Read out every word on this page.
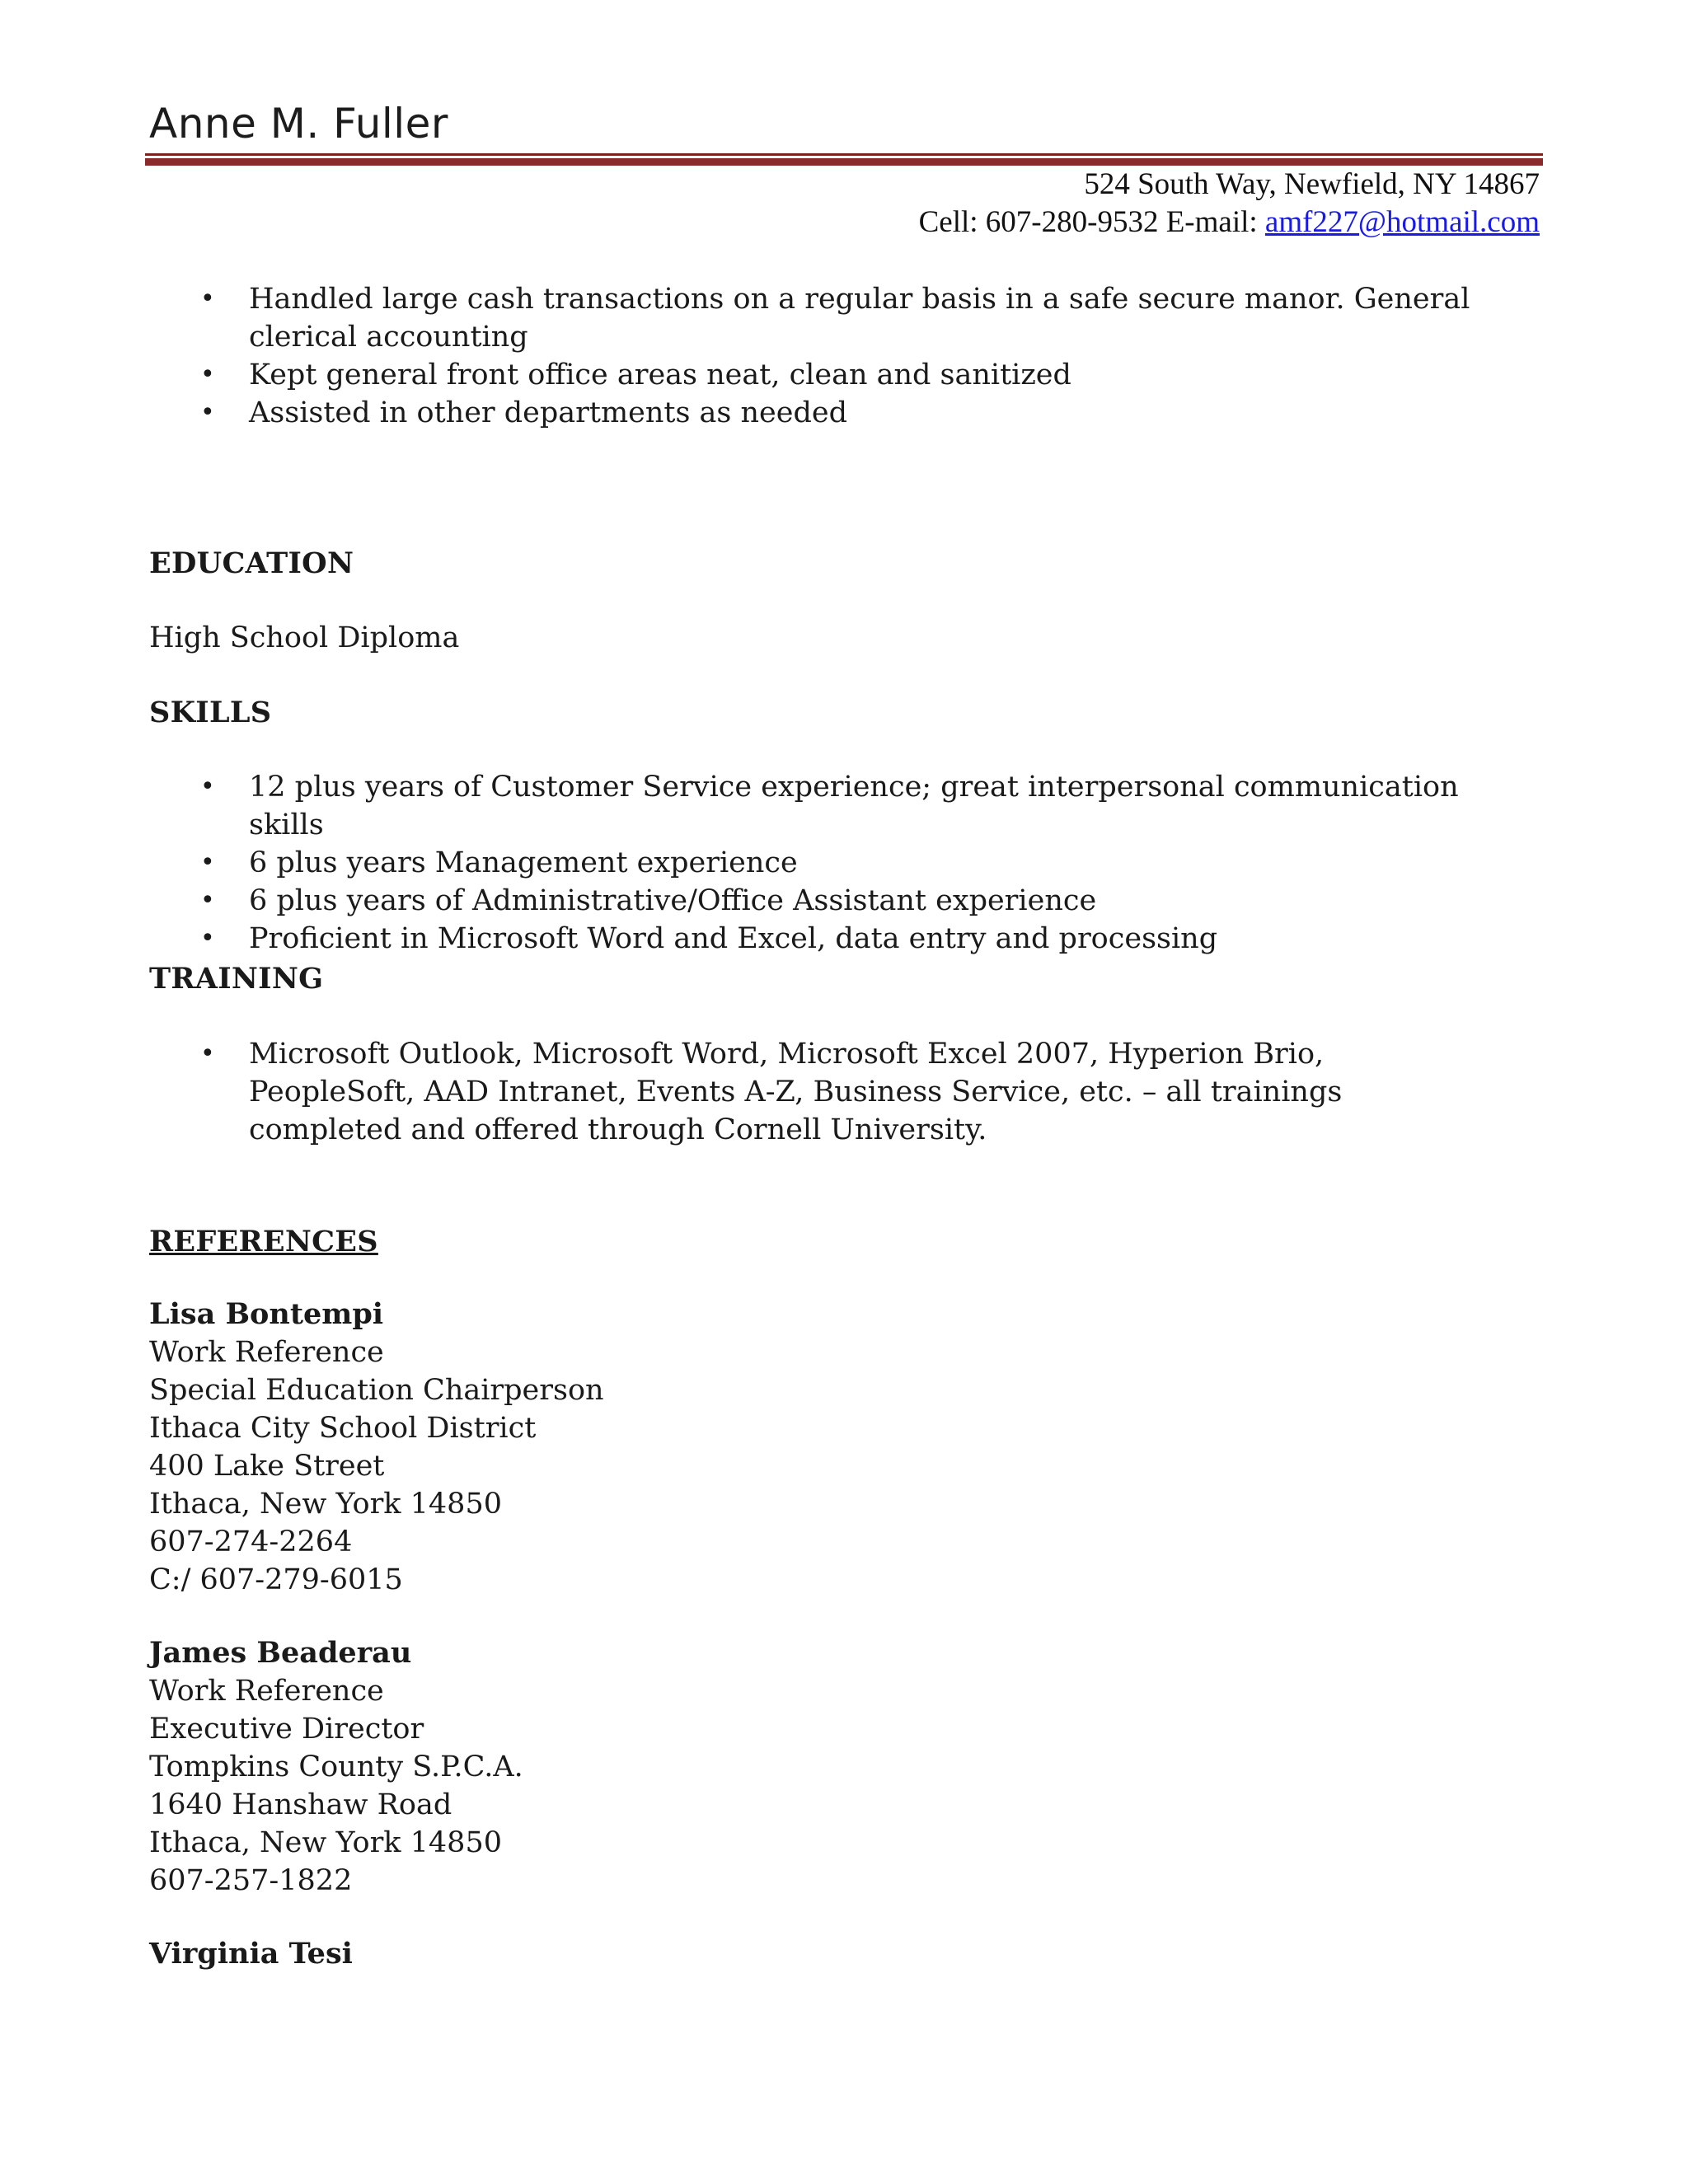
Anne M. Fuller
524 South Way, Newfield, NY 14867
Cell: 607-280-9532 E-mail: amf227@hotmail.com
• Handled large cash transactions on a regular basis in a safe secure manor. General clerical accounting
• Kept general front office areas neat, clean and sanitized
• Assisted in other departments as needed
EDUCATION
High School Diploma
SKILLS
• 12 plus years of Customer Service experience; great interpersonal communication skills
• 6 plus years Management experience
• 6 plus years of Administrative/Office Assistant experience
• Proficient in Microsoft Word and Excel, data entry and processing
TRAINING
• Microsoft Outlook, Microsoft Word, Microsoft Excel 2007, Hyperion Brio, PeopleSoft, AAD Intranet, Events A-Z, Business Service, etc. – all trainings completed and offered through Cornell University.
REFERENCES
Lisa Bontempi
Work Reference
Special Education Chairperson
Ithaca City School District
400 Lake Street
Ithaca, New York 14850
607-274-2264
C:/ 607-279-6015
James Beaderau
Work Reference
Executive Director
Tompkins County S.P.C.A.
1640 Hanshaw Road
Ithaca, New York 14850
607-257-1822
Virginia Tesi
